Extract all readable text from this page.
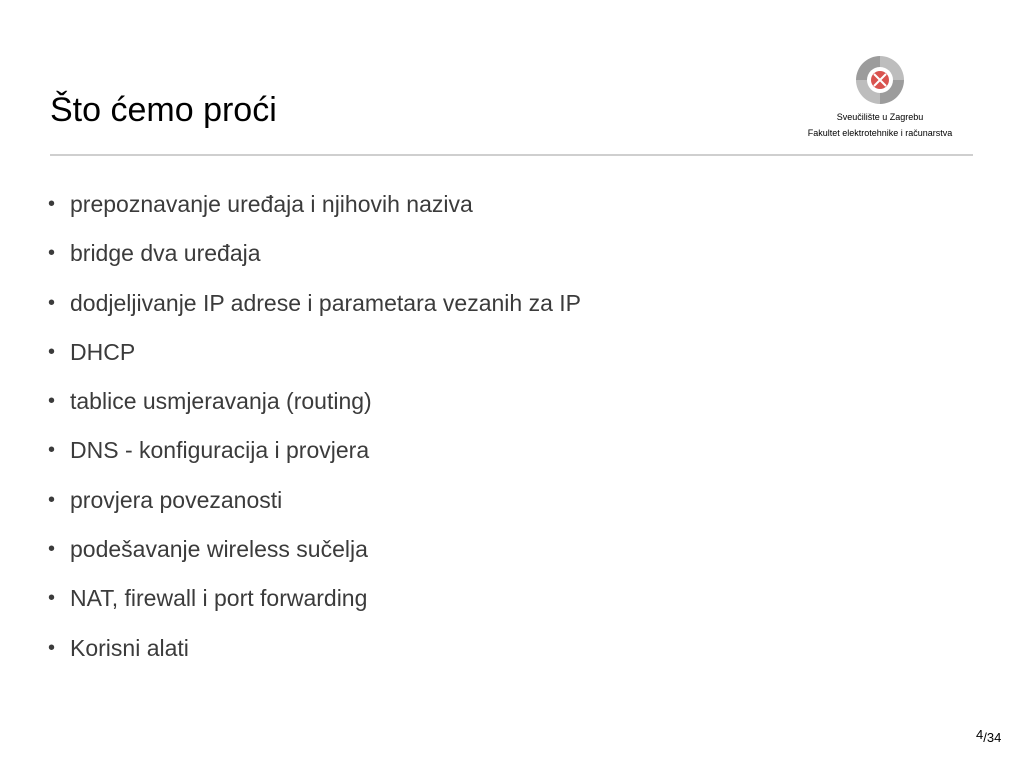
Što ćemo proći	Sveučilište u Zagrebu
Fakultet elektrotehnike i računarstva
• prepoznavanje uređaja i njihovih naziva
• bridge dva uređaja
• dodjeljivanje IP adrese i parametara vezanih za IP
• DHCP
• tablice usmjeravanja (routing)
• DNS - konfiguracija i provjera
• provjera povezanosti
• podešavanje wireless sučelja
• NAT, firewall i port forwarding
• Korisni alati
4/34
